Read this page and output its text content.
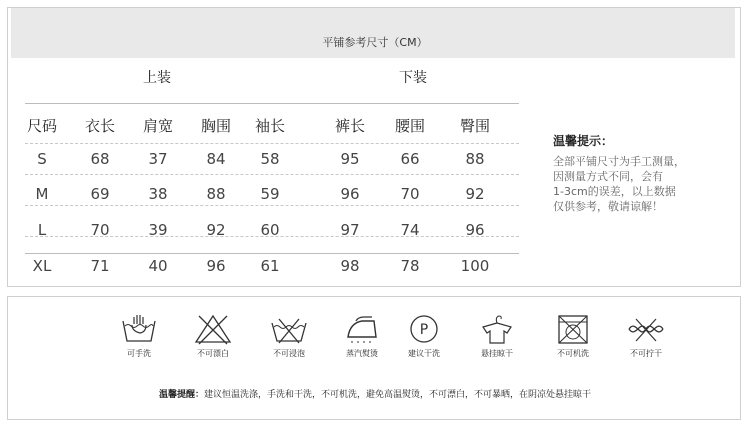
平铺参考尺寸（CM）
上装	下装
尺码	衣长	肩宽	胸围	袖长	裤长	腰围	臀围
S	68	37	84	58	95	66	88
M	69	38	88	59	96	70	92
L	70	39	92	60	97	74	96
XL	71	40	96	61	98	78	100
温馨提示：
全部平铺尺寸为手工测量，
因测量方式不同，会有
1-3cm的误差，以上数据
仅供参考，敬请谅解！
可手洗	不可漂白	不可浸泡	蒸汽熨烫
P
建议干洗	悬挂晾干	不可机洗	不可拧干
温馨提醒：建议恒温洗涤，手洗和干洗，不可机洗，避免高温熨烫，不可漂白，不可暴晒，在阴凉处悬挂晾干
